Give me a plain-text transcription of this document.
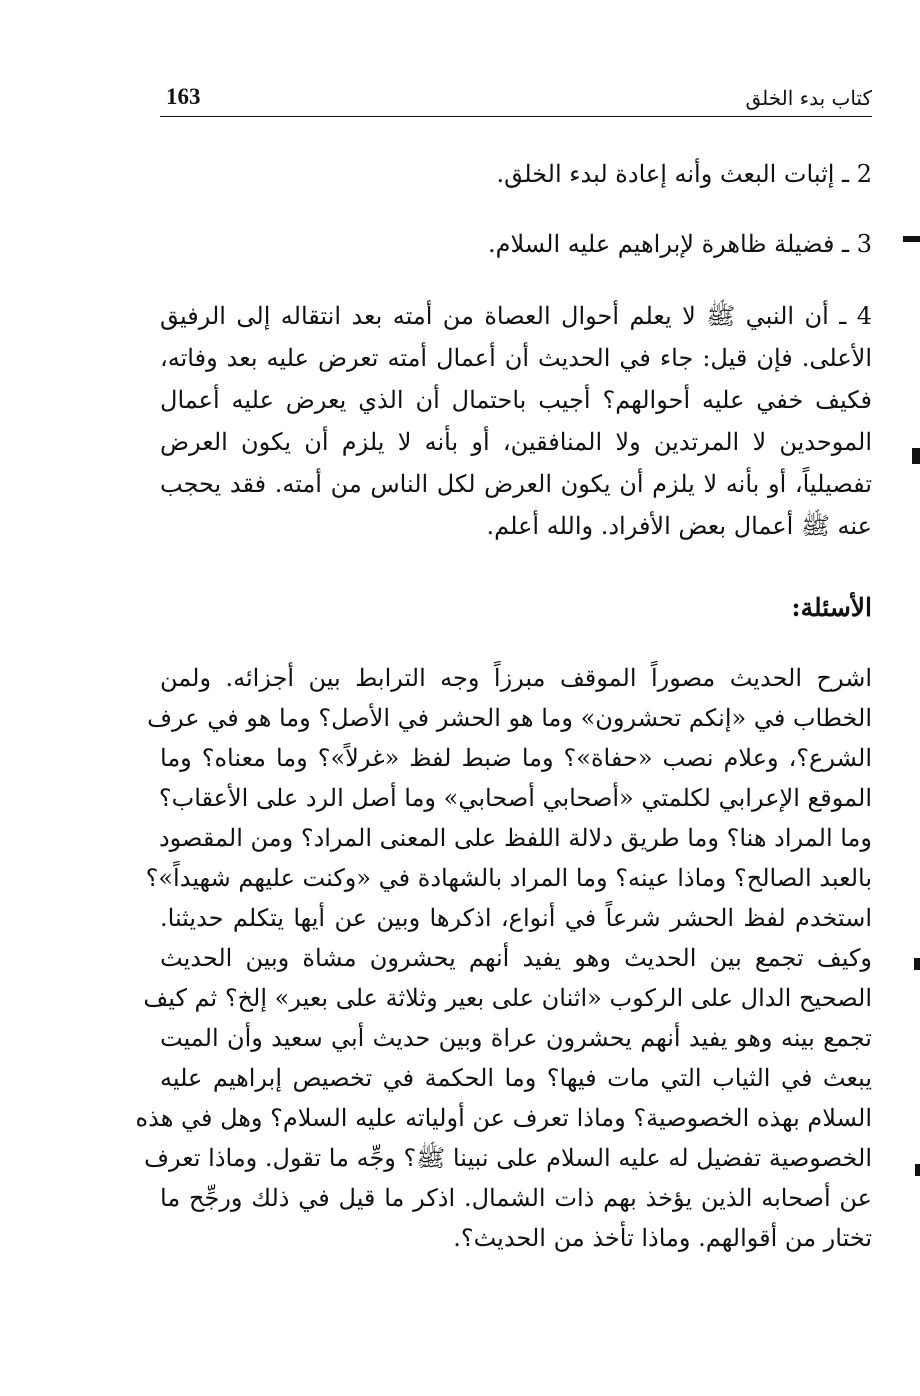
163	كتاب بدء الخلق
2 ـ إثبات البعث وأنه إعادة لبدء الخلق.
3 ـ فضيلة ظاهرة لإبراهيم عليه السلام.
4 ـ أن النبي ﷺ لا يعلم أحوال العصاة من أمته بعد انتقاله إلى الرفيق
الأعلى. فإن قيل: جاء في الحديث أن أعمال أمته تعرض عليه بعد وفاته،
فكيف خفي عليه أحوالهم؟ أجيب باحتمال أن الذي يعرض عليه أعمال
الموحدين لا المرتدين ولا المنافقين، أو بأنه لا يلزم أن يكون العرض
تفصيلياً، أو بأنه لا يلزم أن يكون العرض لكل الناس من أمته. فقد يحجب
عنه ﷺ أعمال بعض الأفراد. والله أعلم.
الأسئلة:
اشرح الحديث مصوراً الموقف مبرزاً وجه الترابط بين أجزائه. ولمن
الخطاب في «إنكم تحشرون» وما هو الحشر في الأصل؟ وما هو في عرف
الشرع؟، وعلام نصب «حفاة»؟ وما ضبط لفظ «غرلاً»؟ وما معناه؟ وما
الموقع الإعرابي لكلمتي «أصحابي أصحابي» وما أصل الرد على الأعقاب؟
وما المراد هنا؟ وما طريق دلالة اللفظ على المعنى المراد؟ ومن المقصود
بالعبد الصالح؟ وماذا عينه؟ وما المراد بالشهادة في «وكنت عليهم شهيداً»؟
استخدم لفظ الحشر شرعاً في أنواع، اذكرها وبين عن أيها يتكلم حديثنا.
وكيف تجمع بين الحديث وهو يفيد أنهم يحشرون مشاة وبين الحديث
الصحيح الدال على الركوب «اثنان على بعير وثلاثة على بعير» إلخ؟ ثم كيف
تجمع بينه وهو يفيد أنهم يحشرون عراة وبين حديث أبي سعيد وأن الميت
يبعث في الثياب التي مات فيها؟ وما الحكمة في تخصيص إبراهيم عليه
السلام بهذه الخصوصية؟ وماذا تعرف عن أولياته عليه السلام؟ وهل في هذه
الخصوصية تفضيل له عليه السلام على نبينا ﷺ؟ وجِّه ما تقول. وماذا تعرف
عن أصحابه الذين يؤخذ بهم ذات الشمال. اذكر ما قيل في ذلك ورجِّح ما
تختار من أقوالهم. وماذا تأخذ من الحديث؟.
